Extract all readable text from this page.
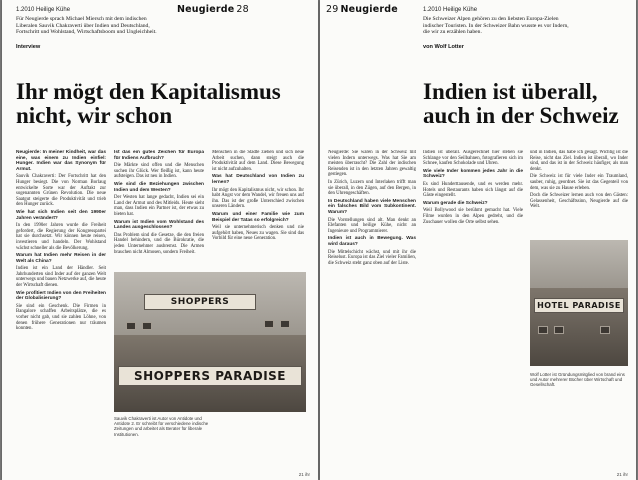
1.2010 Heilige Kühe	Neugierde 28
Für Neugierde sprach Michael Miersch mit dem indischen Liberalen Sauvik Chakraverti über Indien und Deutschland, Fortschritt und Wohlstand, Wirtschaftsboom und Ungleichheit.
Interview
Ihr mögt den Kapitalismus
nicht, wir schon

Neugierde: In meiner Kindheit, war das eine, was einem zu Indien einfiel: Hunger. Indien war das Synonym für Armut.

Sauvik Chakraverti: Der Fortschritt hat den Hunger besiegt. Die von Norman Borlaug entwickelte Sorte war der Auftakt zur sogenannten Grünen Revolution. Die neue Saatgut steigerte die Produktivität und trieb den Hunger zurück.

Wie hat sich Indien seit den 1990er Jahren verändert?

In den 1990er Jahren wurde die Freiheit gefordert, die Regierung der Kongresspartei hat sie durchsetzt. Wir können heute reisen, investieren und handeln. Der Wohlstand wächst schneller als die Bevölkerung.

Warum hat Indien mehr Reisen in der Welt als China?

Indien ist ein Land der Händler. Seit Jahrhunderten sind Inder auf der ganzen Welt unterwegs und bauen Netzwerke auf, die heute der Wirtschaft dienen.

Wie profitiert Indien von den Freiheiten der Globalisierung?

Sie sind ein Geschenk. Die Firmen in Bangalore schaffen Arbeitsplätze, die es vorher nicht gab, und sie zahlen Löhne, von denen frühere Generationen nur träumen konnten.

Ist das ein gutes Zeichen für Europa für Indiens Aufbruch?

Die Märkte sind offen und die Menschen suchen ihr Glück. Wer fleißig ist, kann heute aufsteigen. Das ist neu in Indien.

Wie sind die Beziehungen zwischen Indien und dem Westen?

Der Westen hat lange gedacht, Indien sei ein Land der Armut und des Mitleids. Heute sieht man, dass Indien ein Partner ist, der etwas zu bieten hat.

Warum ist Indien vom Wohlstand des Landes ausgeschlossen?

Das Problem sind die Gesetze, die den freien Handel behindern, und die Bürokratie, die jeden Unternehmer ausbremst. Die Armen brauchen nicht Almosen, sondern Freiheit.

Menschen in die Städte ziehen und sich neue Arbeit suchen, dann steigt auch die Produktivität auf dem Land. Diese Bewegung ist nicht aufzuhalten.

Was hat Deutschland von Indien zu lernen?

Ihr mögt den Kapitalismus nicht, wir schon. Ihr habt Angst vor dem Wandel, wir freuen uns auf ihn. Das ist der große Unterschied zwischen unseren Ländern.

Warum und einer Familie wie zum Beispiel der Tatas so erfolgreich?

Weil sie unternehmerisch denken und nie aufgehört haben, Neues zu wagen. Sie sind das Vorbild für eine neue Generation.

SHOPPERS
SHOPPERS PARADISE
Sauvik Chakraverti ist Autor von Antidote und Antidote 2. Er schreibt für verschiedene indische Zeitungen und arbeitet als Berater für liberale Institutionen.
21 ihr
29 Neugierde	1.2010 Heilige Kühe
Die Schweizer Alpen gehören zu den liebsten Europa-Zielen indischer Touristen. In der Schweizer Bahn wusste es vor Indern, die wir zu erzählen haben.
von Wolf Lotter
Indien ist überall,
auch in der Schweiz

Neugierde: Sie waren in der Schweiz mit vielen Indern unterwegs. Was hat Sie am meisten überrascht? Die Zahl der indischen Reisenden ist in den letzten Jahren gewaltig gestiegen.

In Zürich, Luzern und Interlaken trifft man sie überall, in den Zügen, auf den Bergen, in den Uhrengeschäften.

In Deutschland haben viele Menschen ein falsches Bild vom Subkontinent. Warum?

Die Vorstellungen sind alt. Man denkt an Elefanten und heilige Kühe, nicht an Ingenieure und Programmierer.

Indien ist auch in Bewegung. Was wird daraus?

Die Mittelschicht wächst, und mit ihr die Reiselust. Europa ist das Ziel vieler Familien, die Schweiz steht ganz oben auf der Liste.

Indien ist überall. Ausgerechnet hier stehen sie Schlange vor den Seilbahnen, fotografieren sich im Schnee, kaufen Schokolade und Uhren.

Wie viele Inder kommen jedes Jahr in die Schweiz?

Es sind Hunderttausende, und es werden mehr. Hotels und Restaurants haben sich längst auf die Gäste eingestellt.

Warum gerade die Schweiz?

Weil Bollywood sie berühmt gemacht hat. Viele Filme wurden in den Alpen gedreht, und die Zuschauer wollen die Orte selbst sehen.

und in Indien, das habe ich gesagt. Wichtig ist die Reise, nicht das Ziel. Indien ist überall, wo Inder sind, und das ist in der Schweiz häufiger, als man denkt.

Die Schweiz ist für viele Inder ein Traumland, sauber, ruhig, geordnet. Sie ist das Gegenteil von dem, was sie zu Hause erleben.

Doch die Schweizer lernen auch von den Gästen: Gelassenheit, Geschäftssinn, Neugierde auf die Welt.

HOTEL PARADISE
Wolf Lotter ist Gründungsmitglied von brand eins und Autor mehrerer Bücher über Wirtschaft und Gesellschaft.
21 ihr
